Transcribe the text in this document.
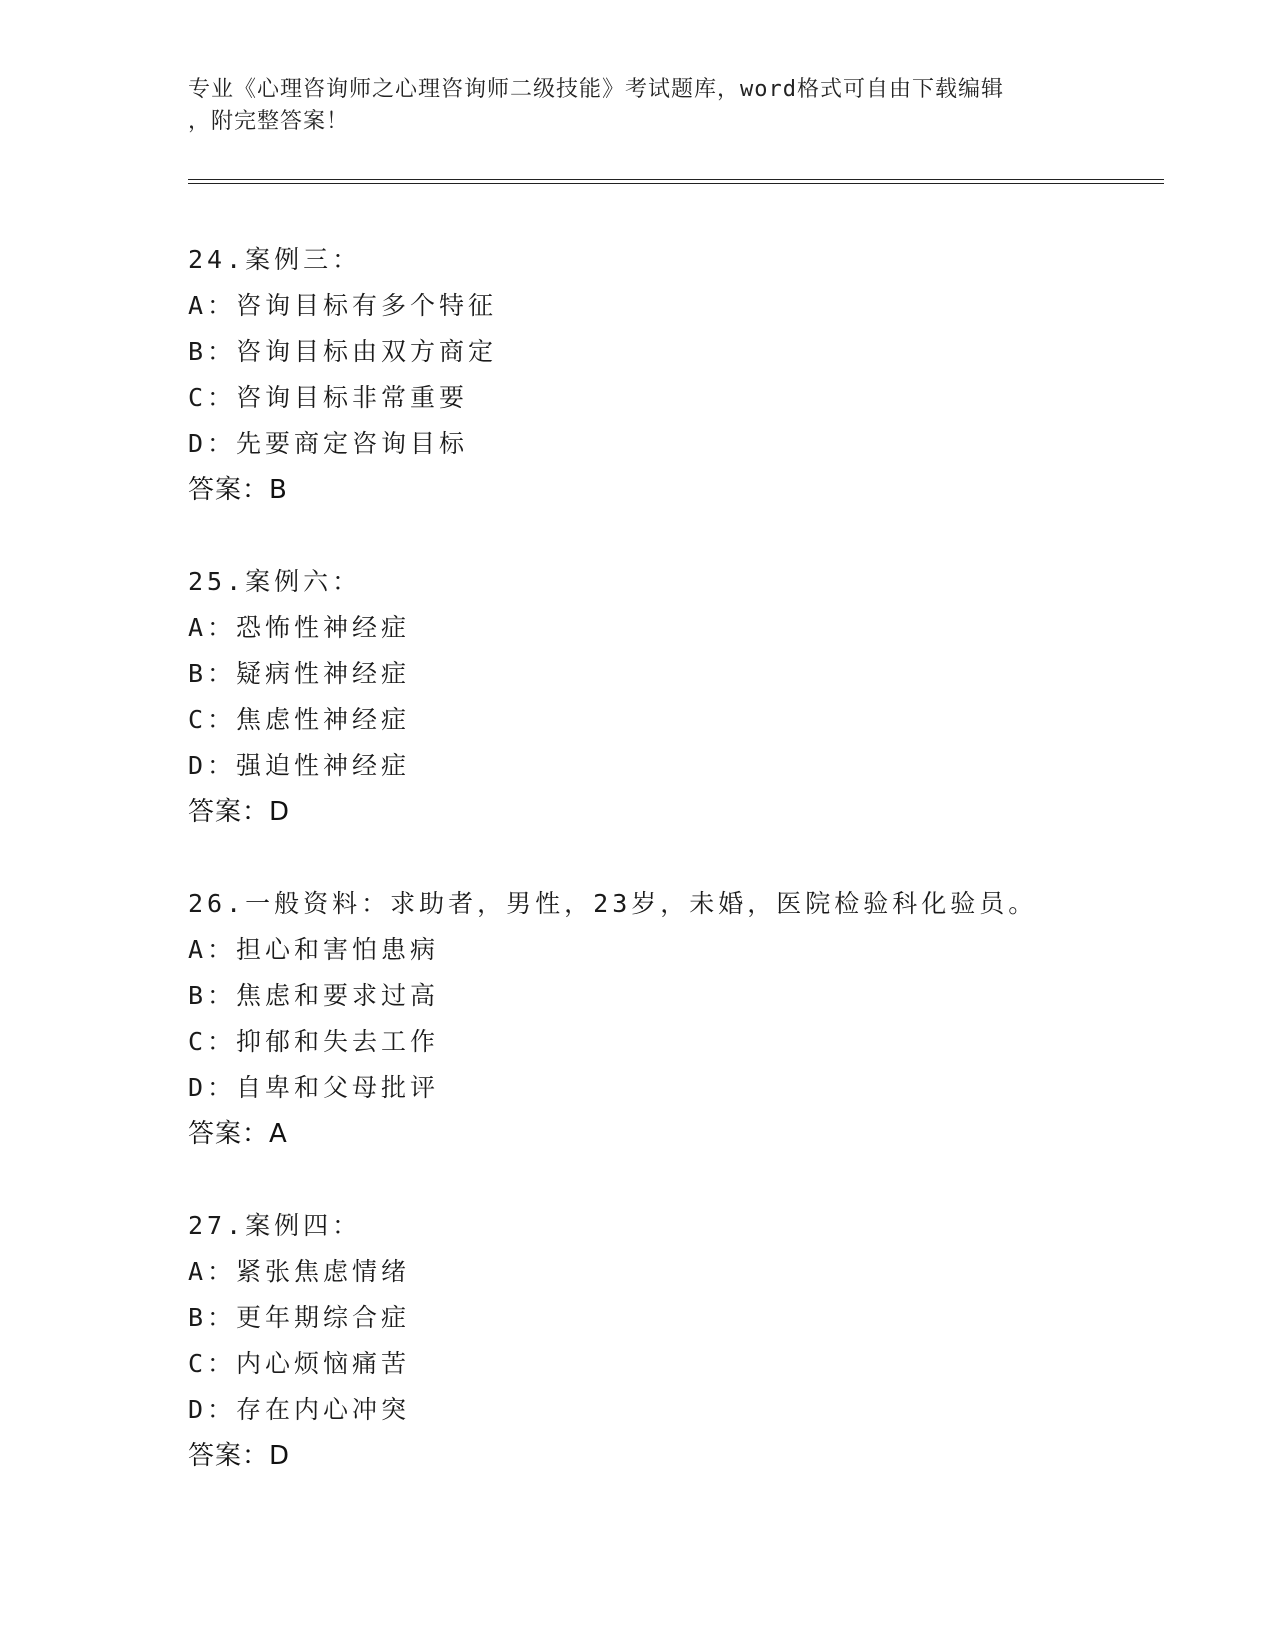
专业《心理咨询师之心理咨询师二级技能》考试题库，word格式可自由下载编辑
，附完整答案！
24.案例三：
A：咨询目标有多个特征
B：咨询目标由双方商定
C：咨询目标非常重要
D：先要商定咨询目标
答案：B
25.案例六：
A：恐怖性神经症
B：疑病性神经症
C：焦虑性神经症
D：强迫性神经症
答案：D
26.一般资料：求助者，男性，23岁，未婚，医院检验科化验员。
A：担心和害怕患病
B：焦虑和要求过高
C：抑郁和失去工作
D：自卑和父母批评
答案：A
27.案例四：
A：紧张焦虑情绪
B：更年期综合症
C：内心烦恼痛苦
D：存在内心冲突
答案：D
